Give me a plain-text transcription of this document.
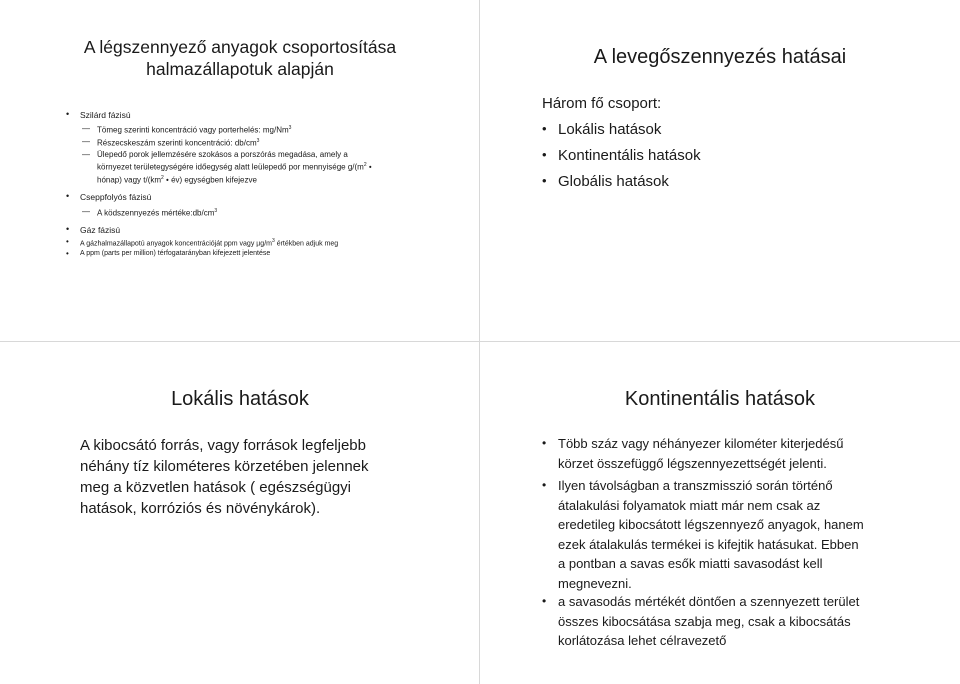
A légszennyező anyagok csoportosítása
halmazállapotuk alapján
• Szilárd fázisú
— Tömeg szerinti koncentráció vagy porterhelés: mg/Nm$^3$
— Részecskeszám szerinti koncentráció: $db/cm^3$
— Ülepedő porok jellemzésére szokásos a porszórás megadása, amely a
környezet területegységére időegység alatt leülepedő por mennyisége $g/(m^2$ •
hónap) vagy $t/(km^2$ • év) egységben kifejezve
• Cseppfolyós fázisú
— A ködszennyezés $mértéke:db/cm^3$
• Gáz fázisú
• A gázhalmazállapotú anyagok koncentrációját ppm vagy $\mu g/m^3$ értékben adjuk meg
• A ppm (parts per million) térfogatarányban kifejezett jelentése
A levegőszennyezés hatásai
Három fő csoport:
• Lokális hatások
• Kontinentális hatások
• Globális hatások
Lokális hatások
A kibocsátó forrás, vagy források legfeljebb
néhány tíz kilométeres körzetében jelennek
meg a közvetlen hatások ( egészségügyi
hatások, korróziós és növénykárok).
Kontinentális hatások
• Több száz vagy néhányezer kilométer kiterjedésű
körzet összefüggő légszennyezettségét jelenti.
• Ilyen távolságban a transzmisszió során történő
átalakulási folyamatok miatt már nem csak az
eredetileg kibocsátott légszennyező anyagok, hanem
ezek átalakulás termékei is kifejtik hatásukat. Ebben
a pontban a savas esők miatti savasodást kell
megnevezni.
• a savasodás mértékét döntően a szennyezett terület
összes kibocsátása szabja meg, csak a kibocsátás
korlátozása lehet célravezető
